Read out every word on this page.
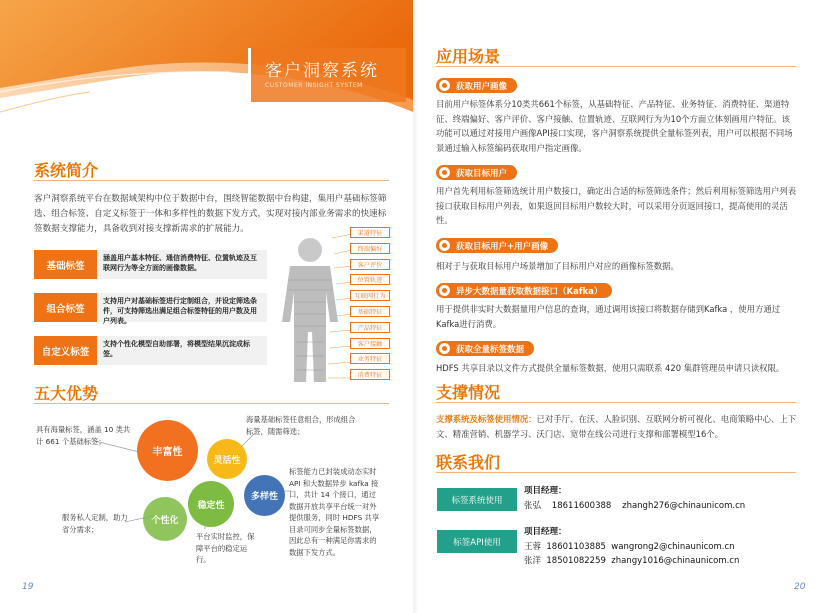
客户洞察系统
CUSTOMER INSIGHT SYSTEM
系统简介
客户洞察系统平台在数据域架构中位于数据中台，围绕智能数据中台构建，集用户基础标签筛选、组合标签、自定义标签于一体和多样性的数据下发方式，实现对接内部业务需求的快速标签数据支撑能力，具备收到对接支撑新需求的扩展能力。
基础标签
涵盖用户基本特征、通信消费特征、位置轨迹及互联网行为等全方面的画像数据。
组合标签
支持用户对基础标签进行定制组合，并设定筛选条件，可支持筛选出满足组合标签特征的用户数及用户列表。
自定义标签
支持个性化模型自助部署，将模型结果沉淀成标签。
渠道特征
终端偏好
客户评价
位置轨迹
互联网行为
基础特征
产品特征
客户接触
业务特征
消费特征
五大优势
丰富性
灵活性
多样性
稳定性
个性化
具有海量标签，涵盖 10 类共计 661 个基础标签；
海量基础标签任意组合，形成组合标签，随需筛选；
标签能力已封装成动态实时 API 和大数据异步 kafka 接口，共计 14 个接口，通过数据开放共享平台统一对外提供服务，同时 HDFS 共享目录可同步全量标签数据，因此总有一种满足你需求的数据下发方式。
平台实时监控，保障平台的稳定运行。
服务私人定制，助力省分需求；
19
应用场景
获取用户画像
目前用户标签体系分10类共661个标签，从基础特征、产品特征、业务特征、消费特征、渠道特征、终端偏好、客户评价、客户接触、位置轨迹、互联网行为为10个方面立体刻画用户特征。该功能可以通过对接用户画像API接口实现，客户洞察系统提供全量标签列表，用户可以根据不同场景通过输入标签编码获取用户指定画像。
获取目标用户
用户首先利用标签筛选统计用户数接口，确定出合适的标签筛选条件；然后利用标签筛选用户列表接口获取目标用户列表，如果返回目标用户数较大时，可以采用分页返回接口，提高使用的灵活性。
获取目标用户+用户画像
相对于与获取目标用户场景增加了目标用户对应的画像标签数据。
异步大数据量获取数据接口（Kafka）
用于提供非实时大数据量用户信息的查询，通过调用该接口将数据存储到Kafka ，使用方通过Kafka进行消费。
获取全量标签数据
HDFS 共享目录以文件方式提供全量标签数据，使用只需联系 420 集群管理员申请只读权限。
支撑情况
支撑系统及标签使用情况：已对手厅、在沃、人脸识别、互联网分析可视化、电商策略中心、上下文、精准营销、机器学习、沃门店、宽带在线公司进行支撑和部署模型16个。
联系我们
标签系统使用
项目经理：
张弘    18611600388    zhangh276@chinaunicom.cn
标签API使用
项目经理：
王蓉  18601103885  wangrong2@chinaunicom.cn
张洋  18501082259  zhangy1016@chinaunicom.cn
20
